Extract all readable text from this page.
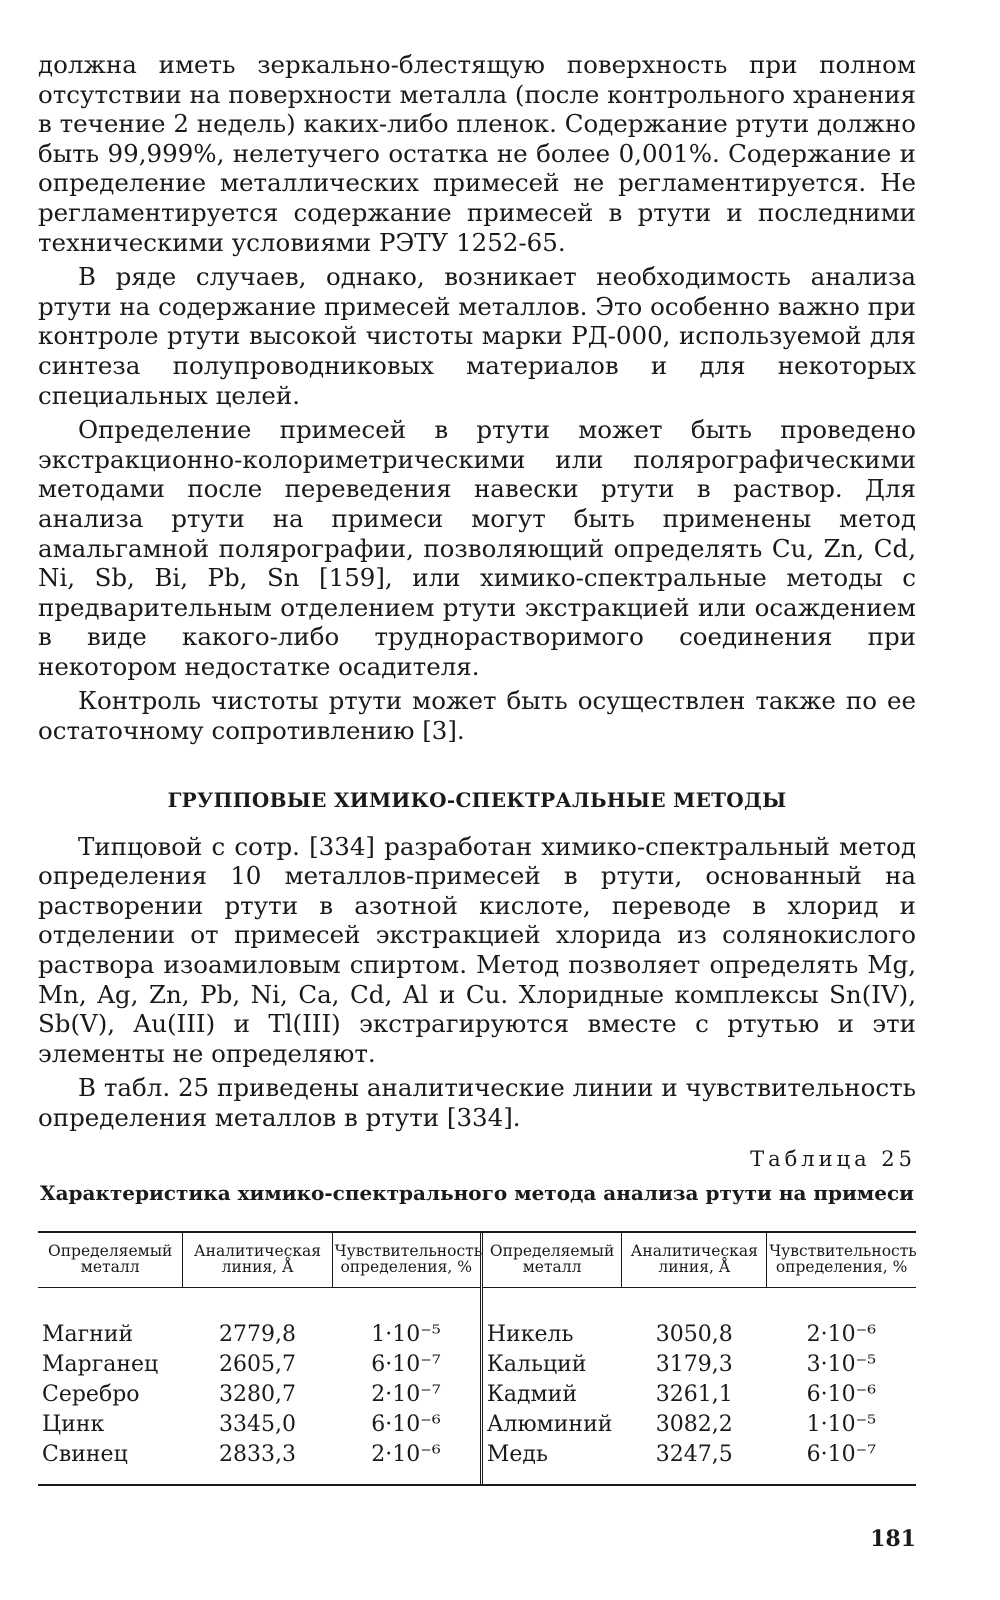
должна иметь зеркально-блестящую поверхность при полном отсутствии на поверхности металла (после контрольного хранения в течение 2 недель) каких-либо пленок. Содержание ртути должно быть 99,999%, нелетучего остатка не более 0,001%. Содержание и определение металлических примесей не регламентируется. Не регламентируется содержание примесей в ртути и последними техническими условиями РЭТУ 1252-65.

В ряде случаев, однако, возникает необходимость анализа ртути на содержание примесей металлов. Это особенно важно при контроле ртути высокой чистоты марки РД-000, используемой для синтеза полупроводниковых материалов и для некоторых специальных целей.

Определение примесей в ртути может быть проведено экстракционно-колориметрическими или полярографическими методами после переведения навески ртути в раствор. Для анализа ртути на примеси могут быть применены метод амальгамной полярографии, позволяющий определять Cu, Zn, Cd, Ni, Sb, Bi, Pb, Sn [159], или химико-спектральные методы с предварительным отделением ртути экстракцией или осаждением в виде какого-либо труднорастворимого соединения при некотором недостатке осадителя.

Контроль чистоты ртути может быть осуществлен также по ее остаточному сопротивлению [3].

ГРУППОВЫЕ ХИМИКО-СПЕКТРАЛЬНЫЕ МЕТОДЫ

Типцовой с сотр. [334] разработан химико-спектральный метод определения 10 металлов-примесей в ртути, основанный на растворении ртути в азотной кислоте, переводе в хлорид и отделении от примесей экстракцией хлорида из солянокислого раствора изоамиловым спиртом. Метод позволяет определять Mg, Mn, Ag, Zn, Pb, Ni, Ca, Cd, Al и Cu. Хлоридные комплексы Sn(IV), Sb(V), Au(III) и Tl(III) экстрагируются вместе с ртутью и эти элементы не определяют.

В табл. 25 приведены аналитические линии и чувствительность определения металлов в ртути [334].

Таблица 25
Характеристика химико-спектрального метода анализа ртути на примеси
Определяемый металл	Аналитическая линия, Å	Чувствительность определения, %	Определяемый металл	Аналитическая линия, Å	Чувствительность определения, %
Магний	2779,8	1·10⁻⁵	Никель	3050,8	2·10⁻⁶
Марганец	2605,7	6·10⁻⁷	Кальций	3179,3	3·10⁻⁵
Серебро	3280,7	2·10⁻⁷	Кадмий	3261,1	6·10⁻⁶
Цинк	3345,0	6·10⁻⁶	Алюминий	3082,2	1·10⁻⁵
Свинец	2833,3	2·10⁻⁶	Медь	3247,5	6·10⁻⁷
181
